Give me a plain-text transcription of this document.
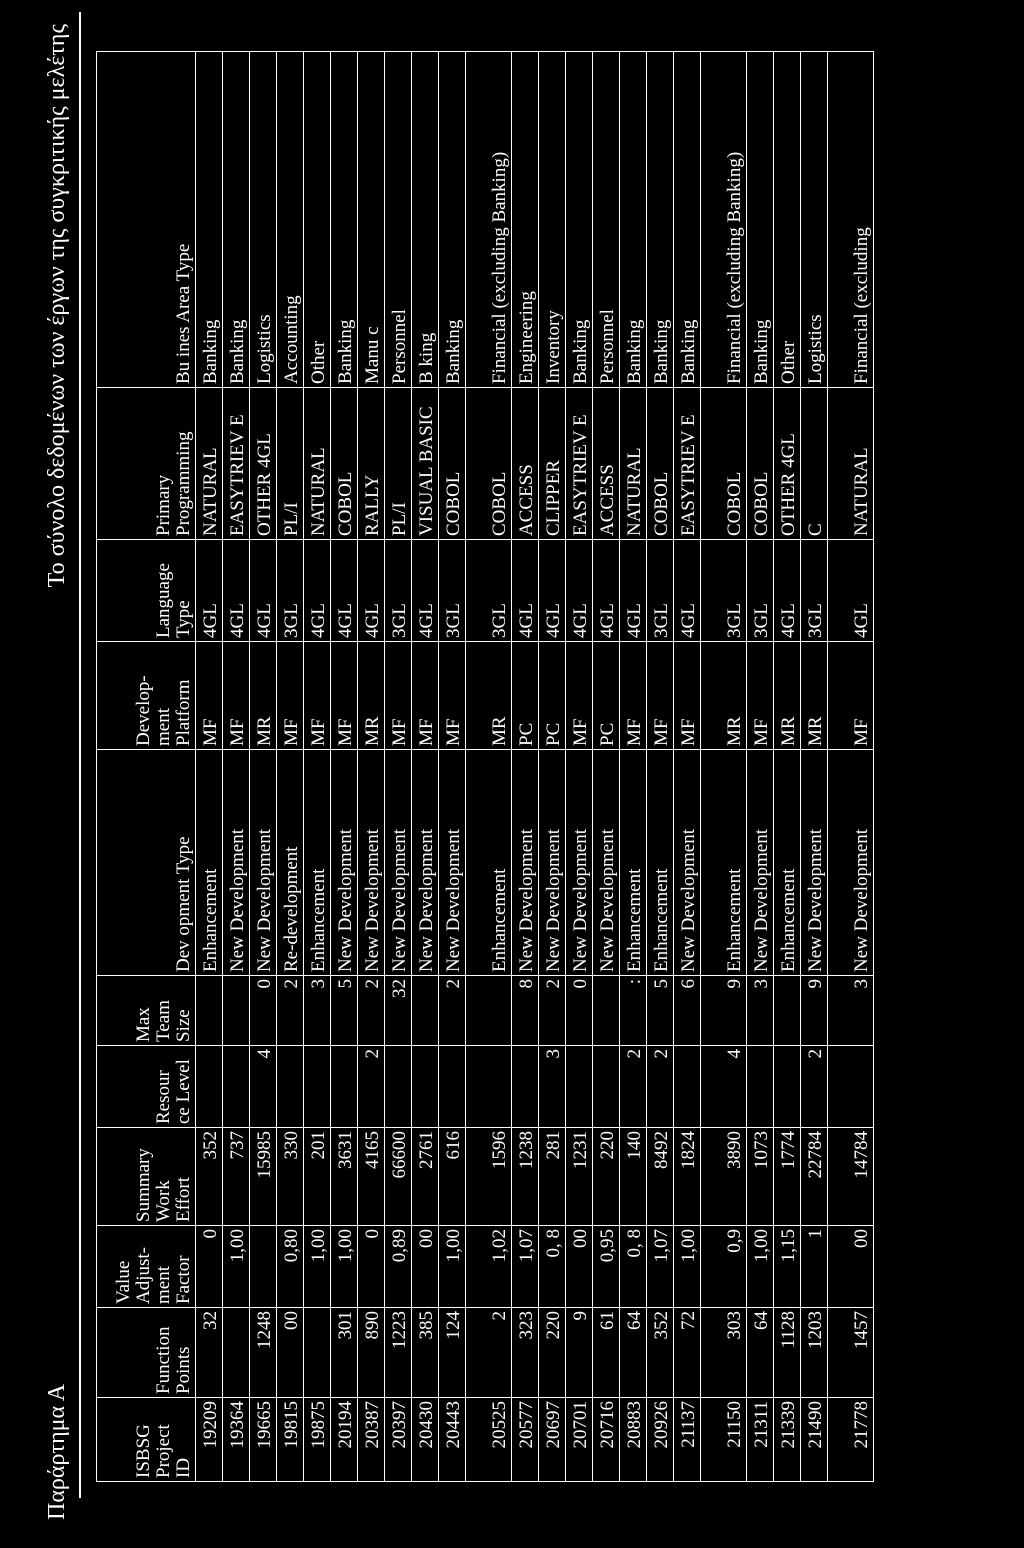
Παράρτημα Α
Το σύνολο δεδομένων των έργων της συγκριτικής μελέτης
ISBSG Project ID	Function Points	Value Adjust-ment Factor	Summary Work Effort	Resour ce Level	Max Team Size	Dev opment Type	Develop-ment Platform	Language Type	Primary Programming	Bu ines Area Type
19209	32	0	352			Enhancement	MF	4GL	NATURAL	Banking
19364		1,00	737			New Development	MF	4GL	EASYTRIEV E	Banking
19665	1248		15985	4	0	New Development	MR	4GL	OTHER 4GL	Logistics
19815	00	0,80	330		2	Re-development	MF	3GL	PL/I	Accounting
19875		1,00	201		3	Enhancement	MF	4GL	NATURAL	Other
20194	301	1,00	3631		5	New Development	MF	4GL	COBOL	Banking
20387	890	0	4165	2	2	New Development	MR	4GL	RALLY	Manu c
20397	1223	0,89	66600		32	New Development	MF	3GL	PL/I	Personnel
20430	385	00	2761			New Development	MF	4GL	VISUAL BASIC	B king
20443	124	1,00	616		2	New Development	MF	3GL	COBOL	Banking
20525	2	1,02	1596			Enhancement	MR	3GL	COBOL	Financial (excluding Banking)
20577	323	1,07	1238		8	New Development	PC	4GL	ACCESS	Engineering
20697	220	0, 8	281	3	2	New Development	PC	4GL	CLIPPER	Inventory
20701	9	00	1231		0	New Development	MF	4GL	EASYTRIEV E	Banking
20716	61	0,95	220			New Development	PC	4GL	ACCESS	Personnel
20883	64	0, 8	140	2	:	Enhancement	MF	4GL	NATURAL	Banking
20926	352	1,07	8492	2	5	Enhancement	MF	3GL	COBOL	Banking
21137	72	1,00	1824		6	New Development	MF	4GL	EASYTRIEV E	Banking
21150	303	0,9	3890	4	9	Enhancement	MR	3GL	COBOL	Financial (excluding Banking)
21311	64	1,00	1073		3	New Development	MF	3GL	COBOL	Banking
21339	1128	1,15	1774			Enhancement	MR	4GL	OTHER 4GL	Other
21490	1203	1	22784	2	9	New Development	MR	3GL	C	Logistics
21778	1457	00	14784		3	New Development	MF	4GL	NATURAL	Financial (excluding
